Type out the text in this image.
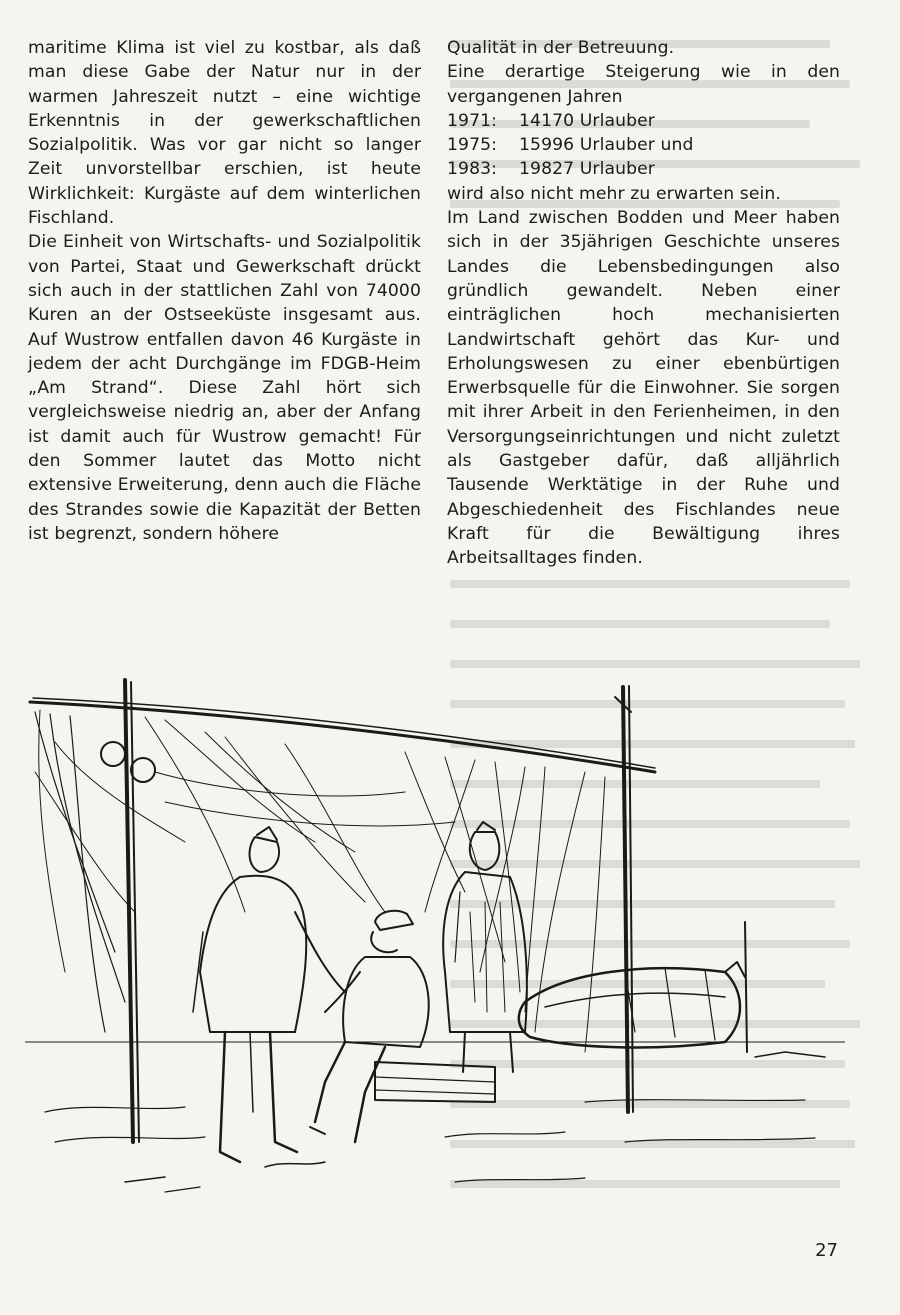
maritime Klima ist viel zu kostbar, als daß man diese Gabe der Natur nur in der warmen Jahreszeit nutzt – eine wichtige Erkenntnis in der gewerkschaftlichen Sozialpolitik. Was vor gar nicht so langer Zeit unvorstellbar erschien, ist heute Wirklichkeit: Kurgäste auf dem winterlichen Fischland.

Die Einheit von Wirtschafts- und Sozialpolitik von Partei, Staat und Gewerkschaft drückt sich auch in der stattlichen Zahl von 74000 Kuren an der Ostseeküste insgesamt aus. Auf Wustrow entfallen davon 46 Kurgäste in jedem der acht Durchgänge im FDGB-Heim „Am Strand“. Diese Zahl hört sich vergleichsweise niedrig an, aber der Anfang ist damit auch für Wustrow gemacht! Für den Sommer lautet das Motto nicht extensive Erweiterung, denn auch die Fläche des Strandes sowie die Kapazität der Betten ist begrenzt, sondern höhere

Qualität in der Betreuung.

Eine derartige Steigerung wie in den vergangenen Jahren

1971: 14170 Urlauber
1975: 15996 Urlauber und
1983: 19827 Urlauber

wird also nicht mehr zu erwarten sein.

Im Land zwischen Bodden und Meer haben sich in der 35jährigen Geschichte unseres Landes die Lebensbedingungen also gründlich gewandelt. Neben einer einträglichen hoch mechanisierten Landwirtschaft gehört das Kur- und Erholungswesen zu einer ebenbürtigen Erwerbsquelle für die Einwohner. Sie sorgen mit ihrer Arbeit in den Ferienheimen, in den Versorgungseinrichtungen und nicht zuletzt als Gastgeber dafür, daß alljährlich Tausende Werktätige in der Ruhe und Abgeschiedenheit des Fischlandes neue Kraft für die Bewältigung ihres Arbeitsalltages finden.

27
